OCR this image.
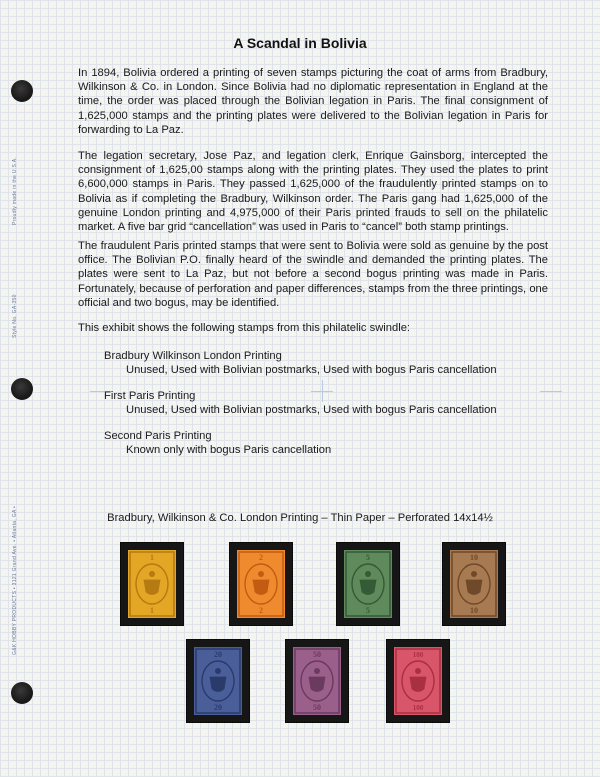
Proudly made in the U.S.A.
Style No. GA-350
G&K HOBBY PRODUCTS • 3121 Grand Ave. • Atlanta, GA •
A Scandal in Bolivia
In 1894, Bolivia ordered a printing of seven stamps picturing the coat of arms from Bradbury, Wilkinson & Co. in London. Since Bolivia had no diplomatic representation in England at the time, the order was placed through the Bolivian legation in Paris. The final consignment of 1,625,000 stamps and the printing plates were delivered to the Bolivian legation in Paris for forwarding to La Paz.
The legation secretary, Jose Paz, and legation clerk, Enrique Gainsborg, intercepted the consignment of 1,625,00 stamps along with the printing plates. They used the plates to print 6,600,000 stamps in Paris. They passed 1,625,000 of the fraudulently printed stamps on to Bolivia as if completing the Bradbury, Wilkinson order. The Paris gang had 1,625,000 of the genuine London printing and 4,975,000 of their Paris printed frauds to sell on the philatelic market. A five bar grid “cancellation” was used in Paris to “cancel” both stamp printings.
The fraudulent Paris printed stamps that were sent to Bolivia were sold as genuine by the post office. The Bolivian P.O. finally heard of the swindle and demanded the printing plates. The plates were sent to La Paz, but not before a second bogus printing was made in Paris. Fortunately, because of perforation and paper differences, stamps from the three printings, one official and two bogus, may be identified.
This exhibit shows the following stamps from this philatelic swindle:
Bradbury Wilkinson London Printing
Unused, Used with Bolivian postmarks, Used with bogus Paris cancellation
First Paris Printing
Unused, Used with Bolivian postmarks, Used with bogus Paris cancellation
Second Paris Printing
Known only with bogus Paris cancellation
Bradbury, Wilkinson & Co. London Printing – Thin Paper – Perforated 14x14½
1
1
2
2
5
5
10
10
20
20
50
50
100
100
